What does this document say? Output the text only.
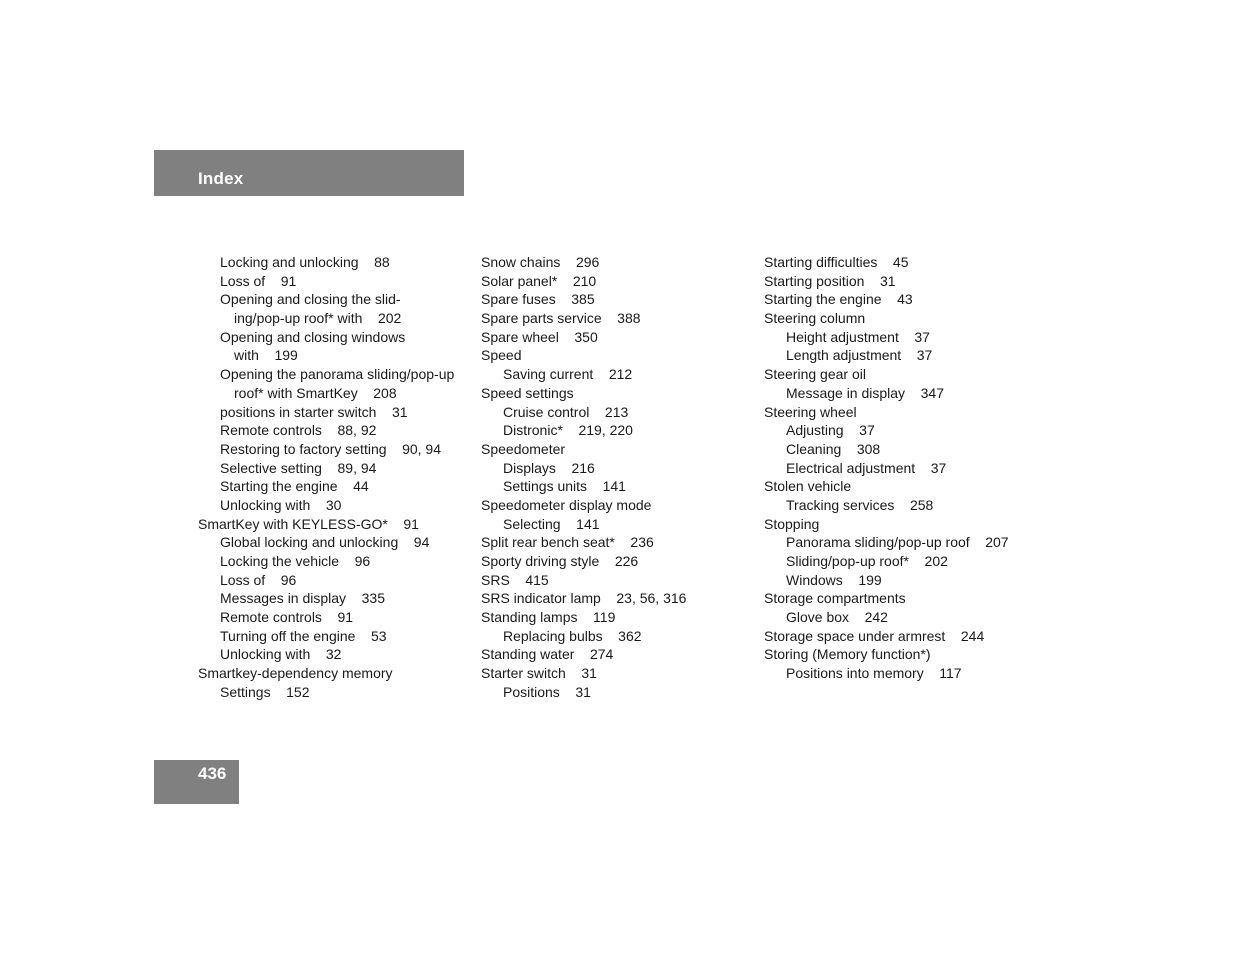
Index
Locking and unlocking    88
Loss of    91
Opening and closing the slid-
ing/pop-up roof* with    202
Opening and closing windows
with    199
Opening the panorama sliding/pop-up
roof* with SmartKey    208
positions in starter switch    31
Remote controls    88, 92
Restoring to factory setting    90, 94
Selective setting    89, 94
Starting the engine    44
Unlocking with    30
SmartKey with KEYLESS-GO*    91
Global locking and unlocking    94
Locking the vehicle    96
Loss of    96
Messages in display    335
Remote controls    91
Turning off the engine    53
Unlocking with    32
Smartkey-dependency memory
Settings    152
Snow chains    296
Solar panel*    210
Spare fuses    385
Spare parts service    388
Spare wheel    350
Speed
Saving current    212
Speed settings
Cruise control    213
Distronic*    219, 220
Speedometer
Displays    216
Settings units    141
Speedometer display mode
Selecting    141
Split rear bench seat*    236
Sporty driving style    226
SRS    415
SRS indicator lamp    23, 56, 316
Standing lamps    119
Replacing bulbs    362
Standing water    274
Starter switch    31
Positions    31
Starting difficulties    45
Starting position    31
Starting the engine    43
Steering column
Height adjustment    37
Length adjustment    37
Steering gear oil
Message in display    347
Steering wheel
Adjusting    37
Cleaning    308
Electrical adjustment    37
Stolen vehicle
Tracking services    258
Stopping
Panorama sliding/pop-up roof    207
Sliding/pop-up roof*    202
Windows    199
Storage compartments
Glove box    242
Storage space under armrest    244
Storing (Memory function*)
Positions into memory    117
436
